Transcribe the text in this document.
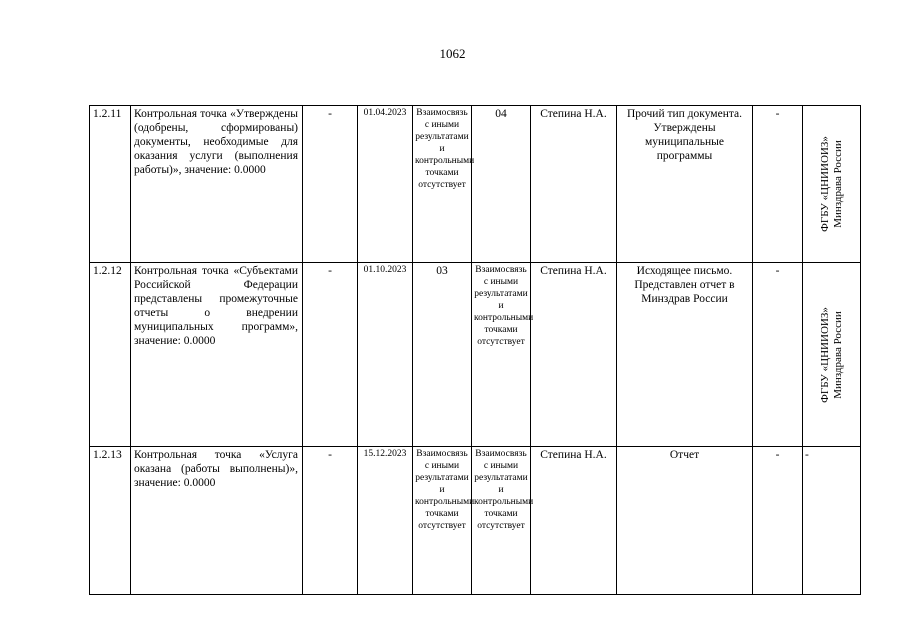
1062
1.2.11	Контрольная точка «Утверждены (одобрены, сформированы) документы, необходимые для оказания услуги (выполнения работы)», значение: 0.0000	-	01.04.2023	Взаимосвязь с иными результатами и контрольными точками отсутствует	04	Степина Н.А.	Прочий тип документа. Утверждены муниципальные программы	-	ФГБУ «ЦНИИОИЗ» Минздрава России

1.2.12	Контрольная точка «Субъектами Российской Федерации представлены промежуточные отчеты о внедрении муниципальных программ», значение: 0.0000	-	01.10.2023	03	Взаимосвязь с иными результатами и контрольными точками отсутствует	Степина Н.А.	Исходящее письмо. Представлен отчет в Минздрав России	-	ФГБУ «ЦНИИОИЗ» Минздрава России

1.2.13	Контрольная точка «Услуга оказана (работы выполнены)», значение: 0.0000	-	15.12.2023	Взаимосвязь с иными результатами и контрольными точками отсутствует	Взаимосвязь с иными результатами и контрольными точками отсутствует	Степина Н.А.	Отчет	-	-
